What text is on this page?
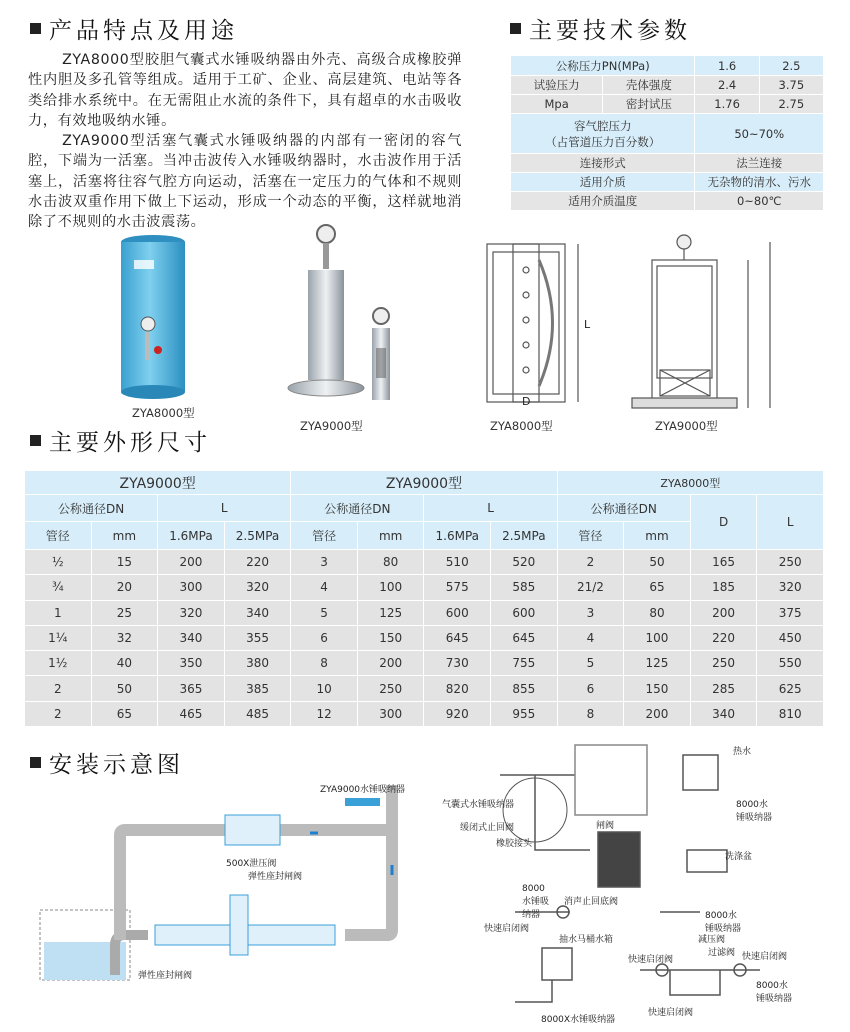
产品特点及用途	主要技术参数

ZYA8000型胶胆气囊式水锤吸纳器由外壳、高级合成橡胶弹性内胆及多孔管等组成。适用于工矿、企业、高层建筑、电站等各类给排水系统中。在无需阻止水流的条件下，具有超卓的水击吸收力，有效地吸纳水锤。

ZYA9000型活塞气囊式水锤吸纳器的内部有一密闭的容气腔，下端为一活塞。当冲击波传入水锤吸纳器时，水击波作用于活塞上，活塞将往容气腔方向运动，活塞在一定压力的气体和不规则水击波双重作用下做上下运动，形成一个动态的平衡，这样就地消除了不规则的水击波震荡。

公称压力PN(MPa)		1.6	2.5
试验压力	壳体强度	2.4	3.75
Mpa	密封试压	1.76	2.75

容气腔压力
（占管道压力百分数）		50~70%	
连接形式		法兰连接	
适用介质		无杂物的清水、污水	
适用介质温度		0~80℃	
ZYA8000型
ZYA9000型
D
L
ZYA8000型	ZYA9000型
主要外形尺寸
ZYA9000型				ZYA9000型				ZYA8000型			
公称通径DN		L		公称通径DN		L		公称通径DN		D	L
管径	mm	1.6MPa	2.5MPa	管径	mm	1.6MPa	2.5MPa	管径	mm		
½	15	200	220	3	80	510	520	2	50	165	250
¾	20	300	320	4	100	575	585	21/2	65	185	320
1	25	320	340	5	125	600	600	3	80	200	375
1¼	32	340	355	6	150	645	645	4	100	220	450
1½	40	350	380	8	200	730	755	5	125	250	550
2	50	365	385	10	250	820	855	6	150	285	625
2	65	465	485	12	300	920	955	8	200	340	810
安装示意图
ZYA9000水锤吸纳器
500X泄压阀
弹性座封闸阀
弹性座封闸阀
气囊式水锤吸纳器
缓闭式止回阀
橡胶接头
闸阀
消声止回底阀
8000水锤吸纳器
快速启闭阀
抽水马桶水箱
8000X水锤吸纳器
热水
8000水锤吸纳器
洗涤盆
8000水锤吸纳器
减压阀
过滤阀
快速启闭阀	快速启闭阀
快速启闭阀
8000水锤吸纳器
